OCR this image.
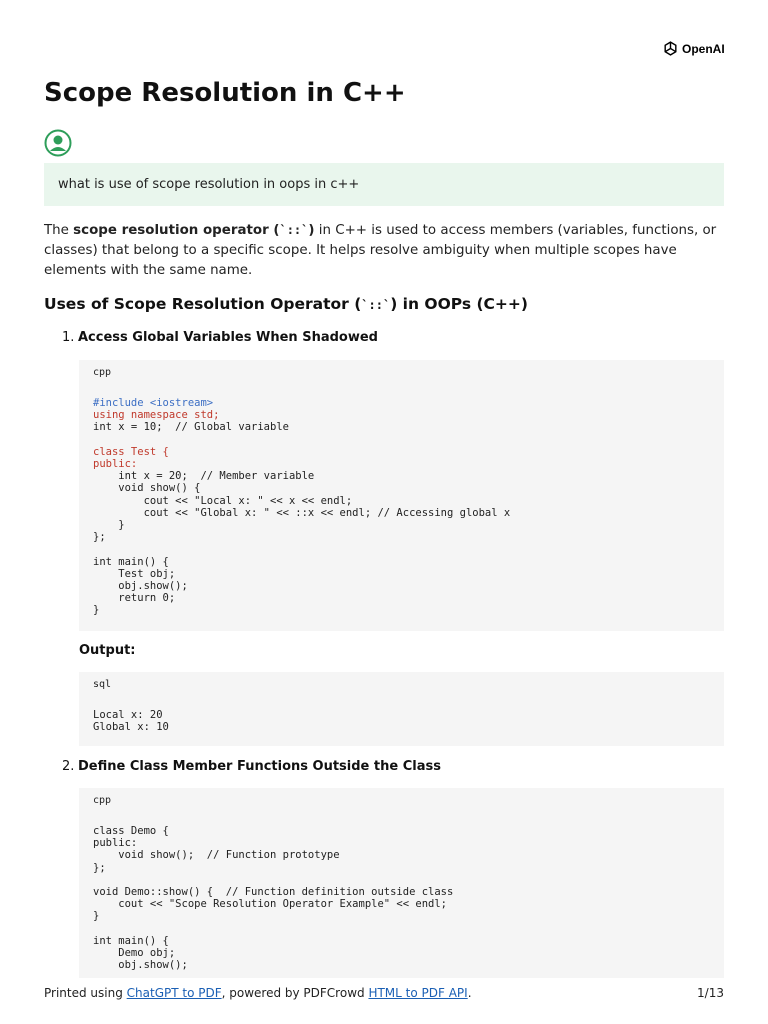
OpenAI
Scope Resolution in C++
what is use of scope resolution in oops in c++

The scope resolution operator (`::`) in C++ is used to access members (variables, functions, or classes) that belong to a specific scope. It helps resolve ambiguity when multiple scopes have elements with the same name.

Uses of Scope Resolution Operator (`::`) in OOPs (C++)
1. Access Global Variables When Shadowed
cpp
#include <iostream>
using namespace std;
int x = 10;  // Global variable

class Test {
public:
int x = 20;  // Member variable
void show() {
cout << "Local x: " << x << endl;
cout << "Global x: " << ::x << endl; // Accessing global x
}
};

int main() {
Test obj;
obj.show();
return 0;
}
Output:
sql
Local x: 20
Global x: 10
2. Define Class Member Functions Outside the Class
cpp
class Demo {
public:
void show();  // Function prototype
};

void Demo::show() {  // Function definition outside class
cout << "Scope Resolution Operator Example" << endl;
}

int main() {
Demo obj;
obj.show();
Printed using ChatGPT to PDF, powered by PDFCrowd HTML to PDF API.	1/13
